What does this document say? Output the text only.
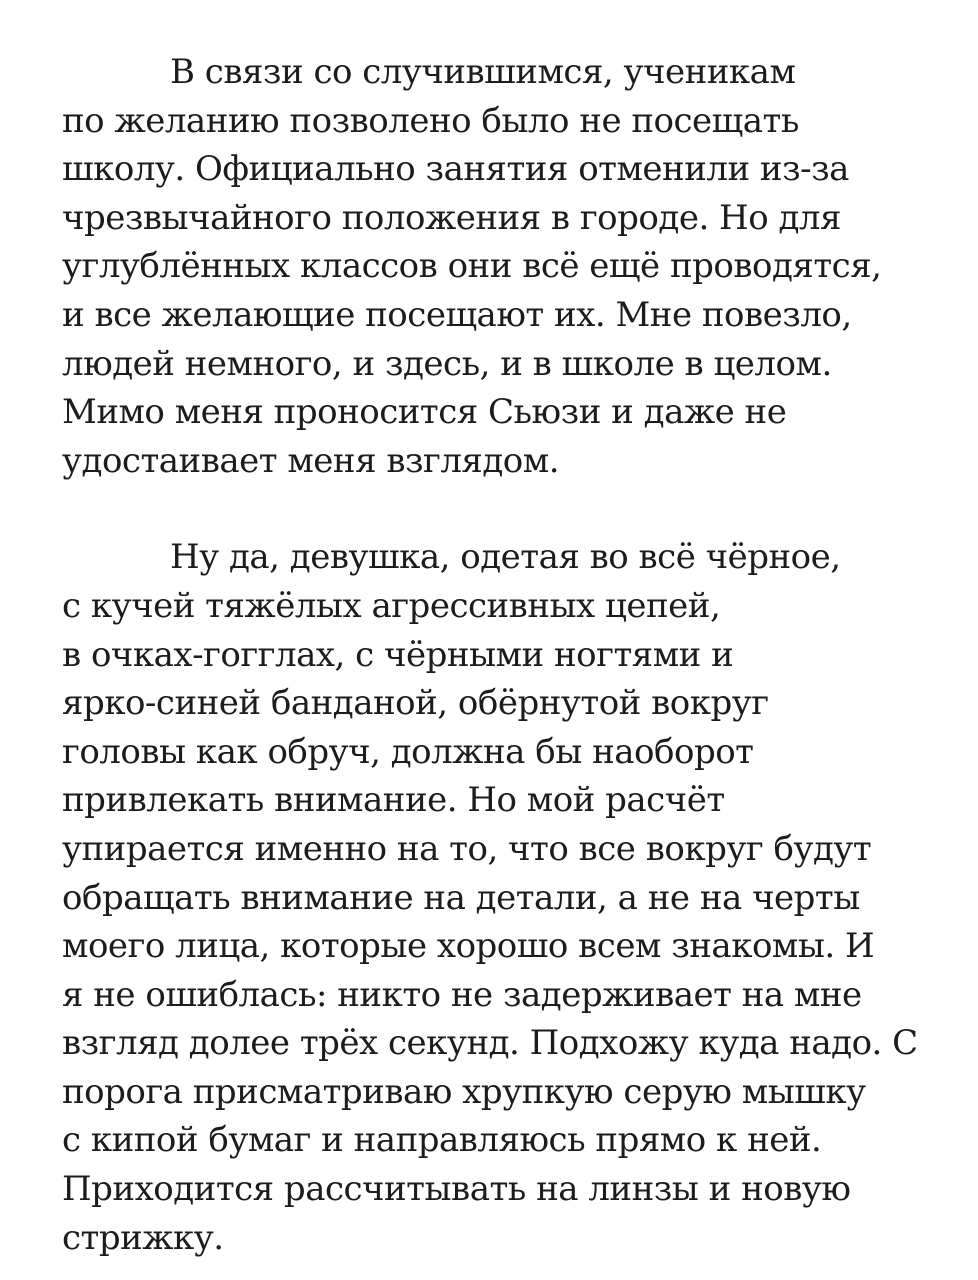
В связи со случившимся, ученикам
по желанию позволено было не посещать
школу. Официально занятия отменили из-за
чрезвычайного положения в городе. Но для
углублённых классов они всё ещё проводятся,
и все желающие посещают их. Мне повезло,
людей немного, и здесь, и в школе в целом.
Мимо меня проносится Сьюзи и даже не
удостаивает меня взглядом.
Ну да, девушка, одетая во всё чёрное,
с кучей тяжёлых агрессивных цепей,
в очках-гогглах, с чёрными ногтями и
ярко-синей банданой, обёрнутой вокруг
головы как обруч, должна бы наоборот
привлекать внимание. Но мой расчёт
упирается именно на то, что все вокруг будут
обращать внимание на детали, а не на черты
моего лица, которые хорошо всем знакомы. И
я не ошиблась: никто не задерживает на мне
взгляд долее трёх секунд. Подхожу куда надо. С
порога присматриваю хрупкую серую мышку
с кипой бумаг и направляюсь прямо к ней.
Приходится рассчитывать на линзы и новую
стрижку.
